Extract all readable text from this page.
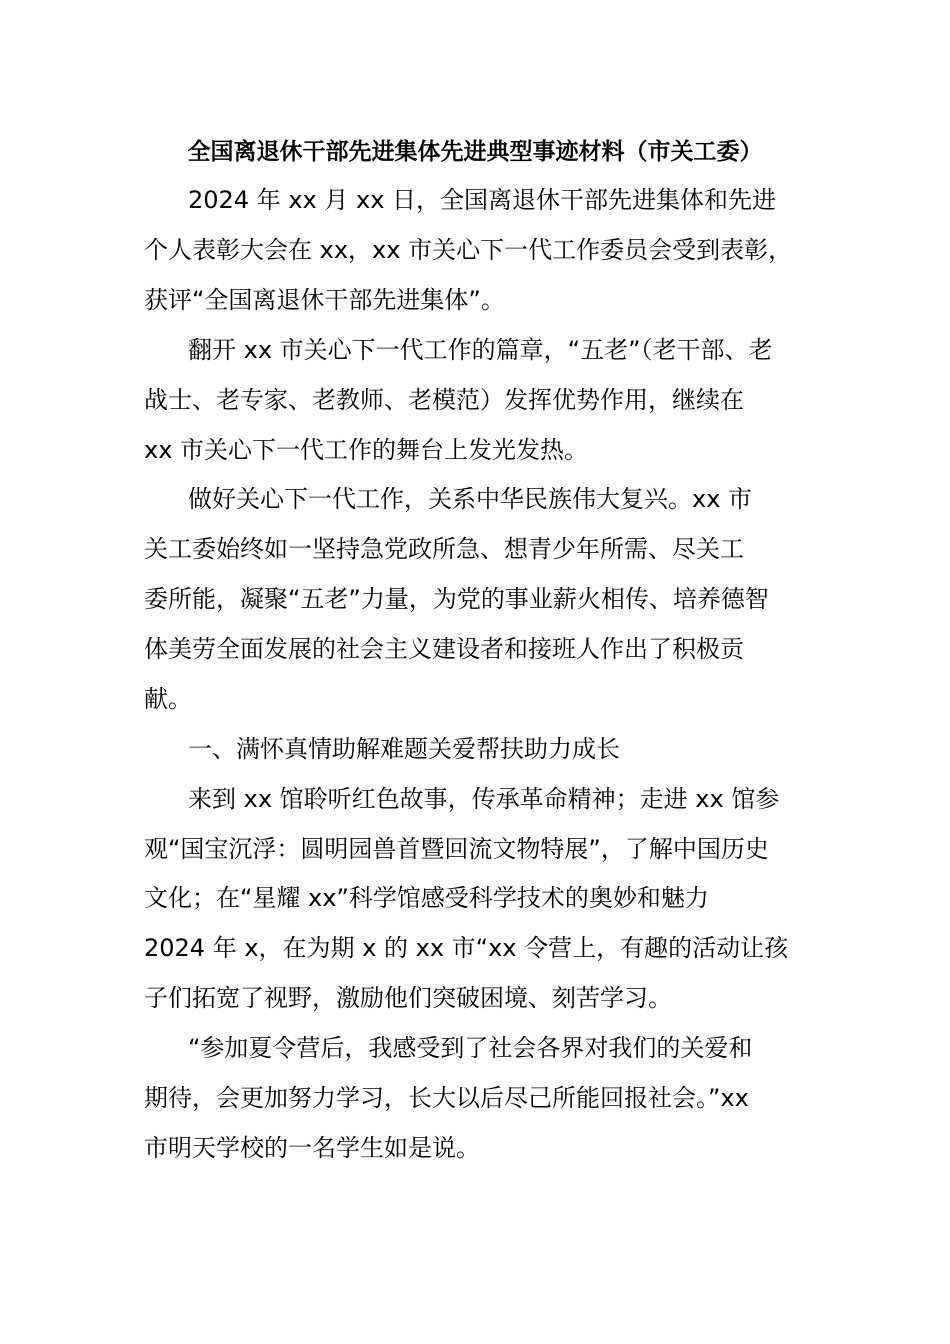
全国离退休干部先进集体先进典型事迹材料（市关工委）

2024 年 xx 月 xx 日，全国离退休干部先进集体和先进

个人表彰大会在 xx，xx 市关心下一代工作委员会受到表彰，

获评“全国离退休干部先进集体”。

翻开 xx 市关心下一代工作的篇章，“五老”（老干部、老

战士、老专家、老教师、老模范）发挥优势作用，继续在

xx 市关心下一代工作的舞台上发光发热。

做好关心下一代工作，关系中华民族伟大复兴。xx 市

关工委始终如一坚持急党政所急、想青少年所需、尽关工

委所能，凝聚“五老”力量，为党的事业薪火相传、培养德智

体美劳全面发展的社会主义建设者和接班人作出了积极贡

献。

一、满怀真情助解难题关爱帮扶助力成长

来到 xx 馆聆听红色故事，传承革命精神；走进 xx 馆参

观“国宝沉浮：圆明园兽首暨回流文物特展”，了解中国历史

文化；在“星耀 xx”科学馆感受科学技术的奥妙和魅力

2024 年 x，在为期 x 的 xx 市“xx 令营上，有趣的活动让孩

子们拓宽了视野，激励他们突破困境、刻苦学习。

“参加夏令营后，我感受到了社会各界对我们的关爱和

期待，会更加努力学习，长大以后尽己所能回报社会。”xx

市明天学校的一名学生如是说。
